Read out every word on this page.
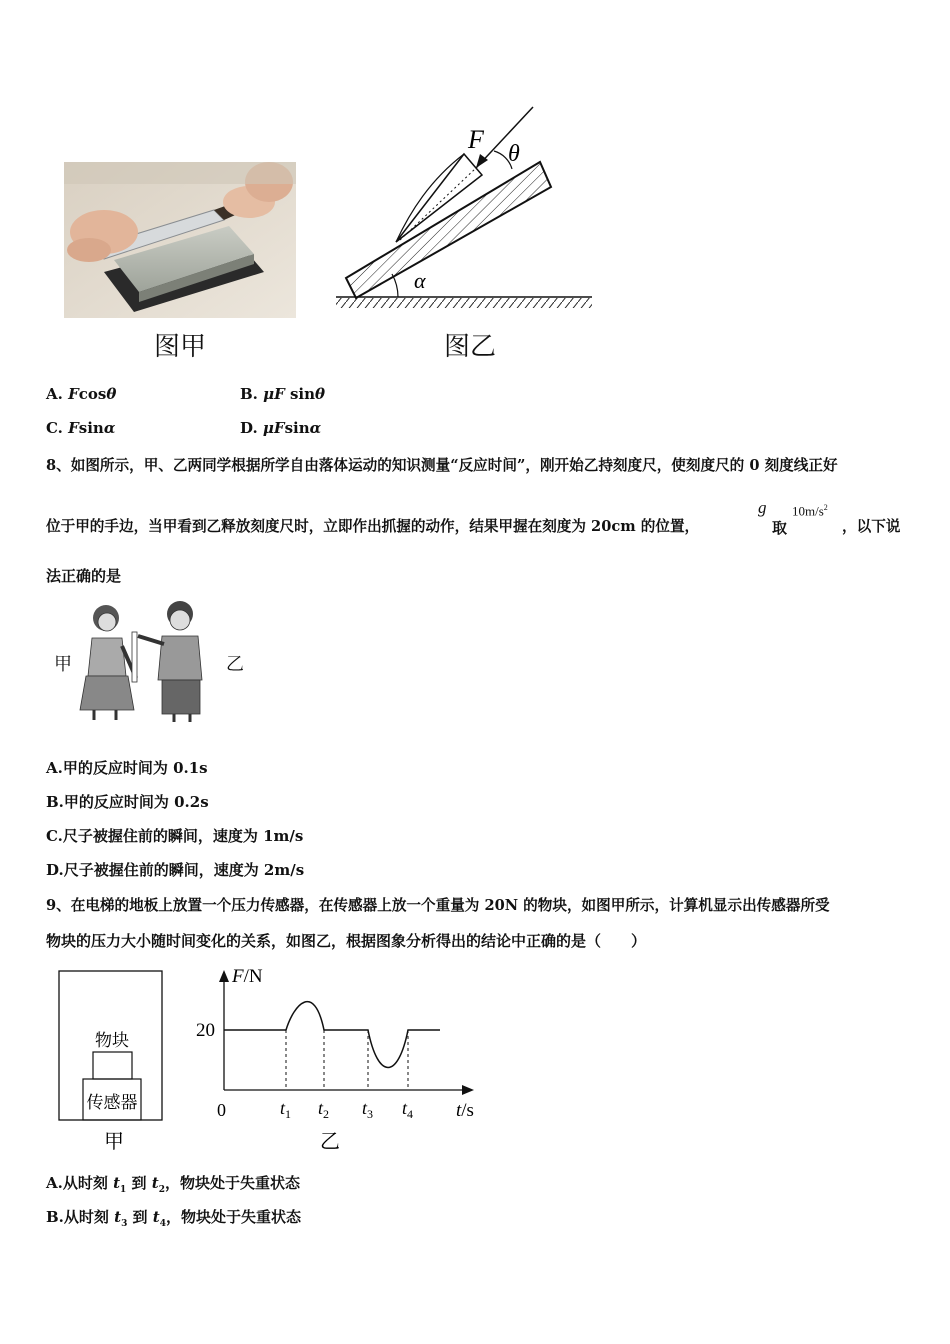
图甲
F θ
α
图乙
A. Fcosθ	B. μF sinθ
C. Fsinα	D. μFsinα
8、如图所示，甲、乙两同学根据所学自由落体运动的知识测量“反应时间”，刚开始乙持刻度尺，使刻度尺的 0 刻度线正好
位于甲的手边，当甲看到乙释放刻度尺时，立即作出抓握的动作，结果甲握在刻度为 20cm 的位置，
g
取
$10m/s^2$
，以下说
法正确的是
甲	乙
A.甲的反应时间为 0.1s
B.甲的反应时间为 0.2s
C.尺子被握住前的瞬间，速度为 1m/s
D.尺子被握住前的瞬间，速度为 2m/s
9、在电梯的地板上放置一个压力传感器，在传感器上放一个重量为 20N 的物块，如图甲所示，计算机显示出传感器所受
物块的压力大小随时间变化的关系，如图乙，根据图象分析得出的结论中正确的是（　　）
物块
传感器
甲
F/N
20
0	t/s
$t_1$ $t_2$ $t_3$ $t_4$
乙
A.从时刻 $t_1$ 到 $t_2$，物块处于失重状态
B.从时刻 $t_3$ 到 $t_4$，物块处于失重状态
